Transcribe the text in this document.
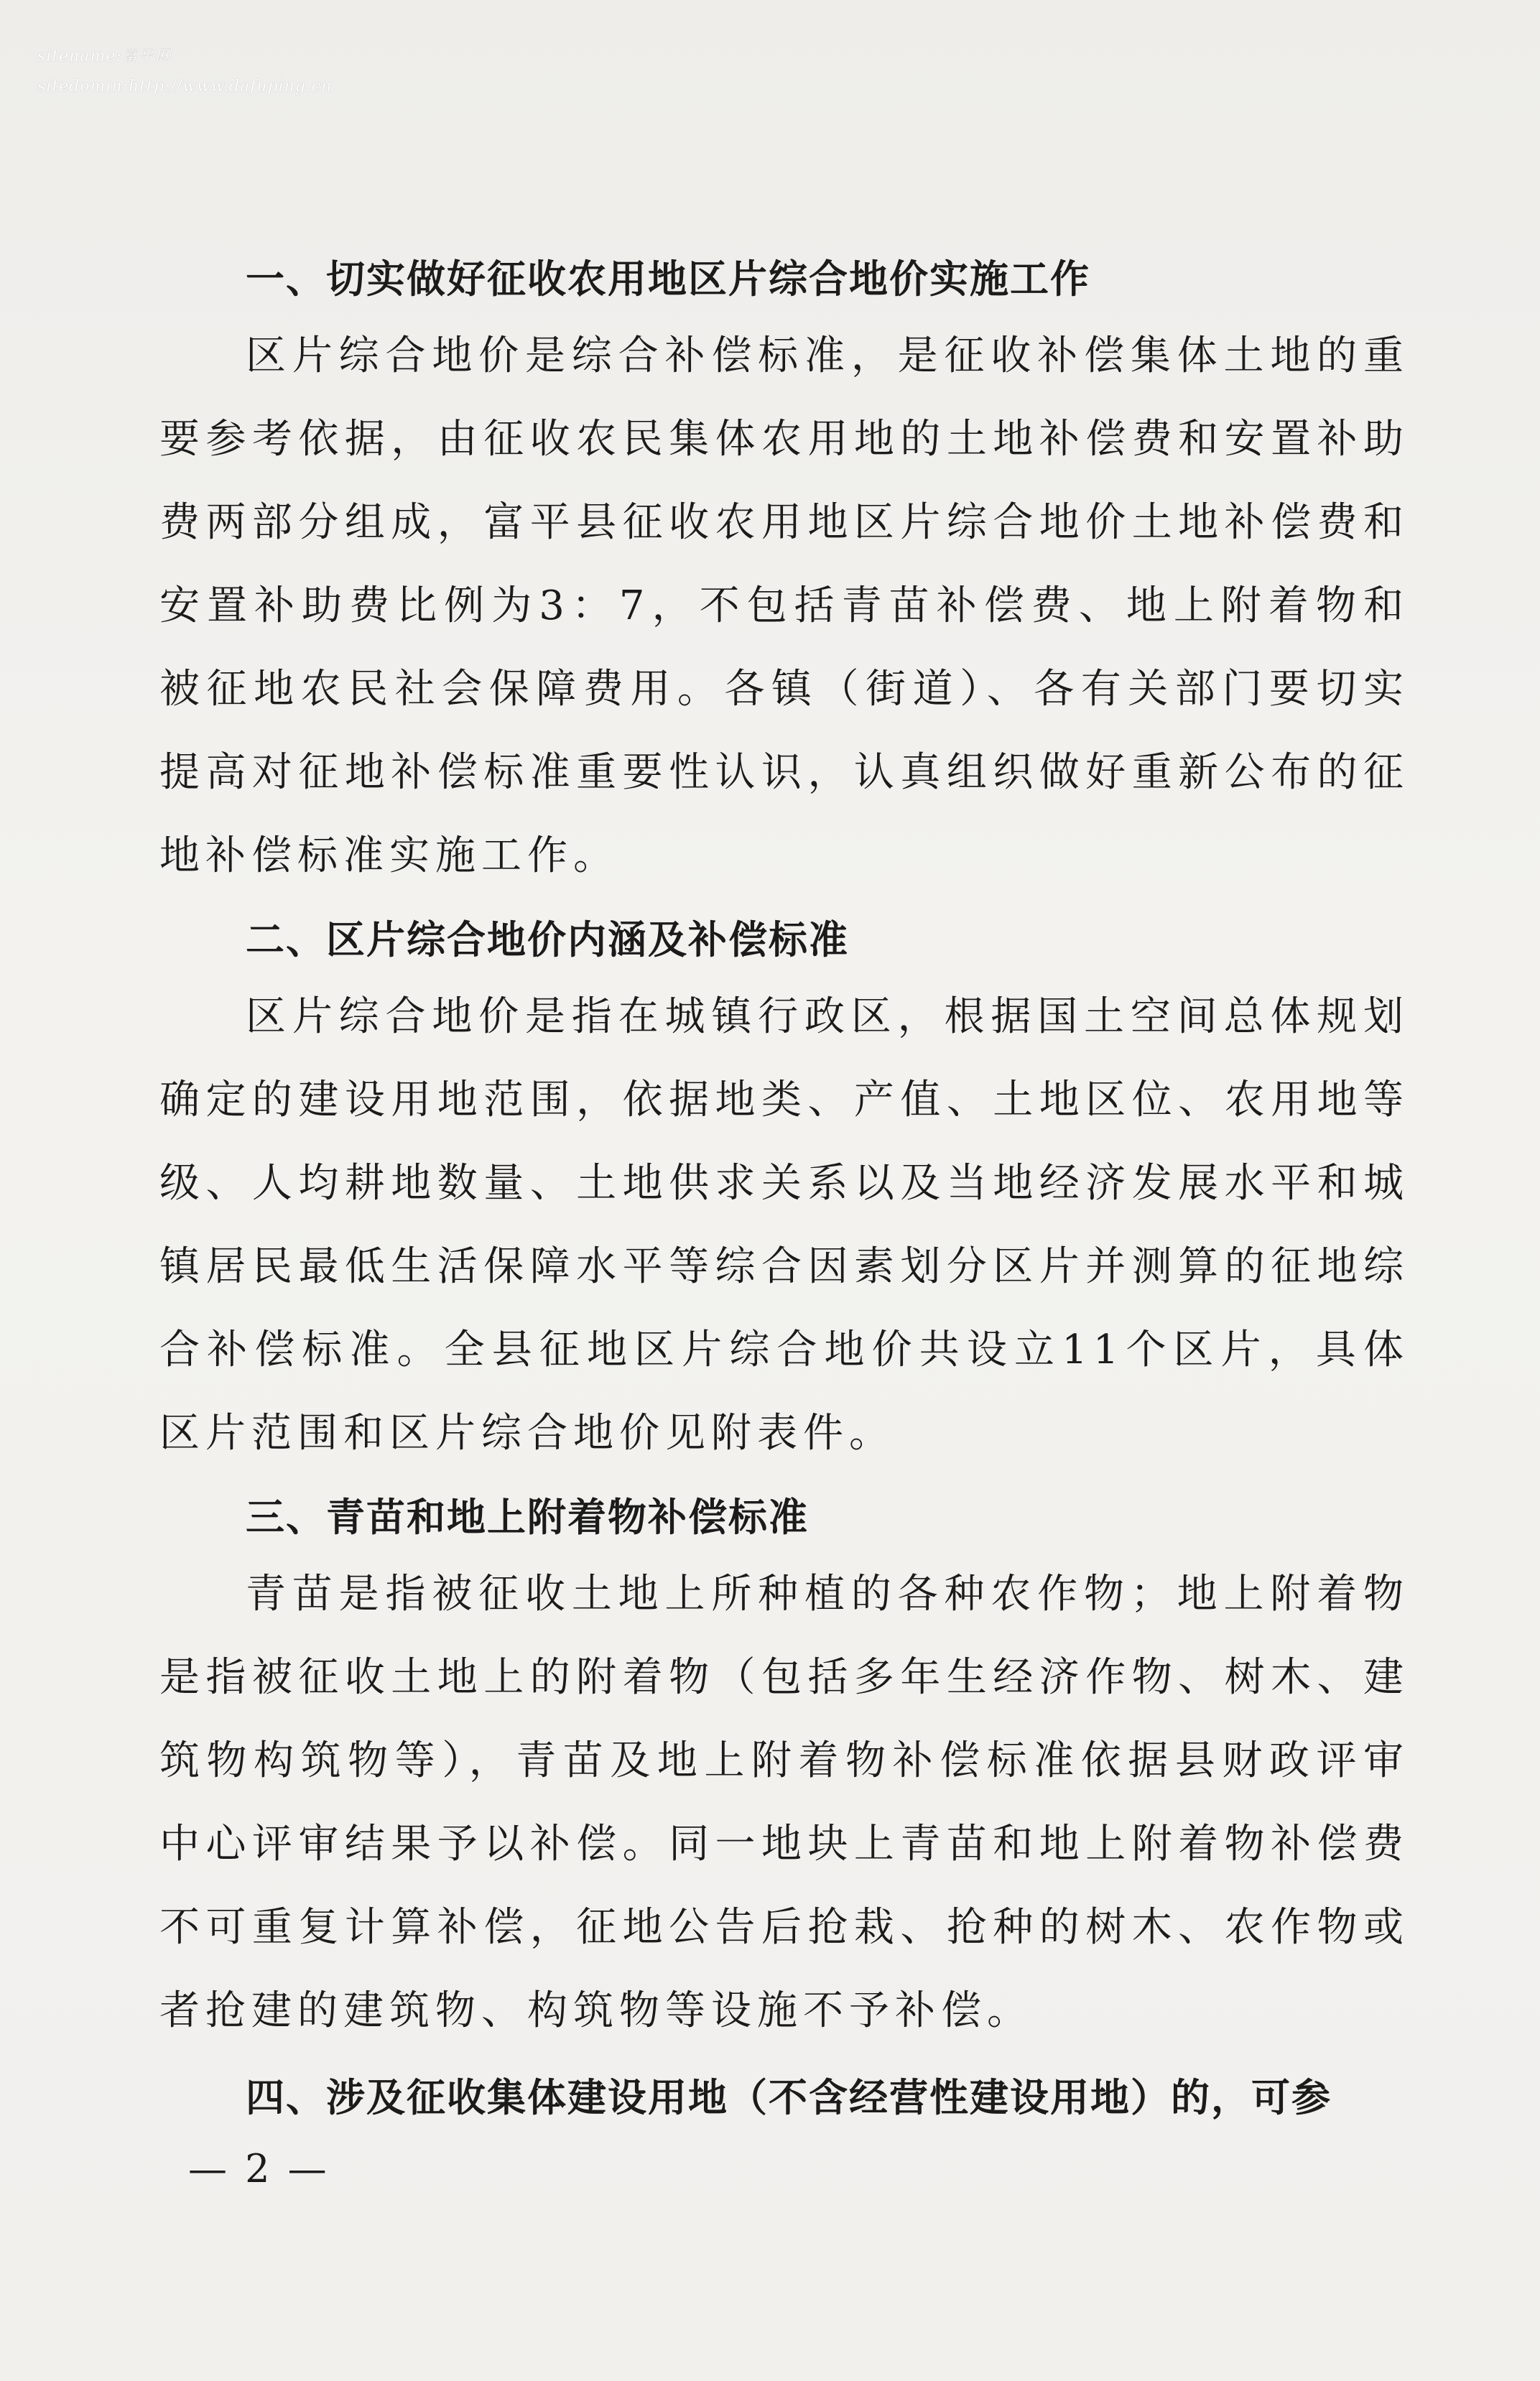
sitename:富平网
sitedomin:http://www.dafuping.cn
一、切实做好征收农用地区片综合地价实施工作

区片综合地价是综合补偿标准，是征收补偿集体土地的重要参考依据，由征收农民集体农用地的土地补偿费和安置补助费两部分组成，富平县征收农用地区片综合地价土地补偿费和安置补助费比例为3：7，不包括青苗补偿费、地上附着物和被征地农民社会保障费用。各镇（街道）、各有关部门要切实提高对征地补偿标准重要性认识，认真组织做好重新公布的征地补偿标准实施工作。

二、区片综合地价内涵及补偿标准

区片综合地价是指在城镇行政区，根据国土空间总体规划确定的建设用地范围，依据地类、产值、土地区位、农用地等级、人均耕地数量、土地供求关系以及当地经济发展水平和城镇居民最低生活保障水平等综合因素划分区片并测算的征地综合补偿标准。全县征地区片综合地价共设立11个区片，具体区片范围和区片综合地价见附表件。

三、青苗和地上附着物补偿标准

青苗是指被征收土地上所种植的各种农作物；地上附着物是指被征收土地上的附着物（包括多年生经济作物、树木、建筑物构筑物等），青苗及地上附着物补偿标准依据县财政评审中心评审结果予以补偿。同一地块上青苗和地上附着物补偿费不可重复计算补偿，征地公告后抢栽、抢种的树木、农作物或者抢建的建筑物、构筑物等设施不予补偿。

四、涉及征收集体建设用地（不含经营性建设用地）的，可参
— 2 —
